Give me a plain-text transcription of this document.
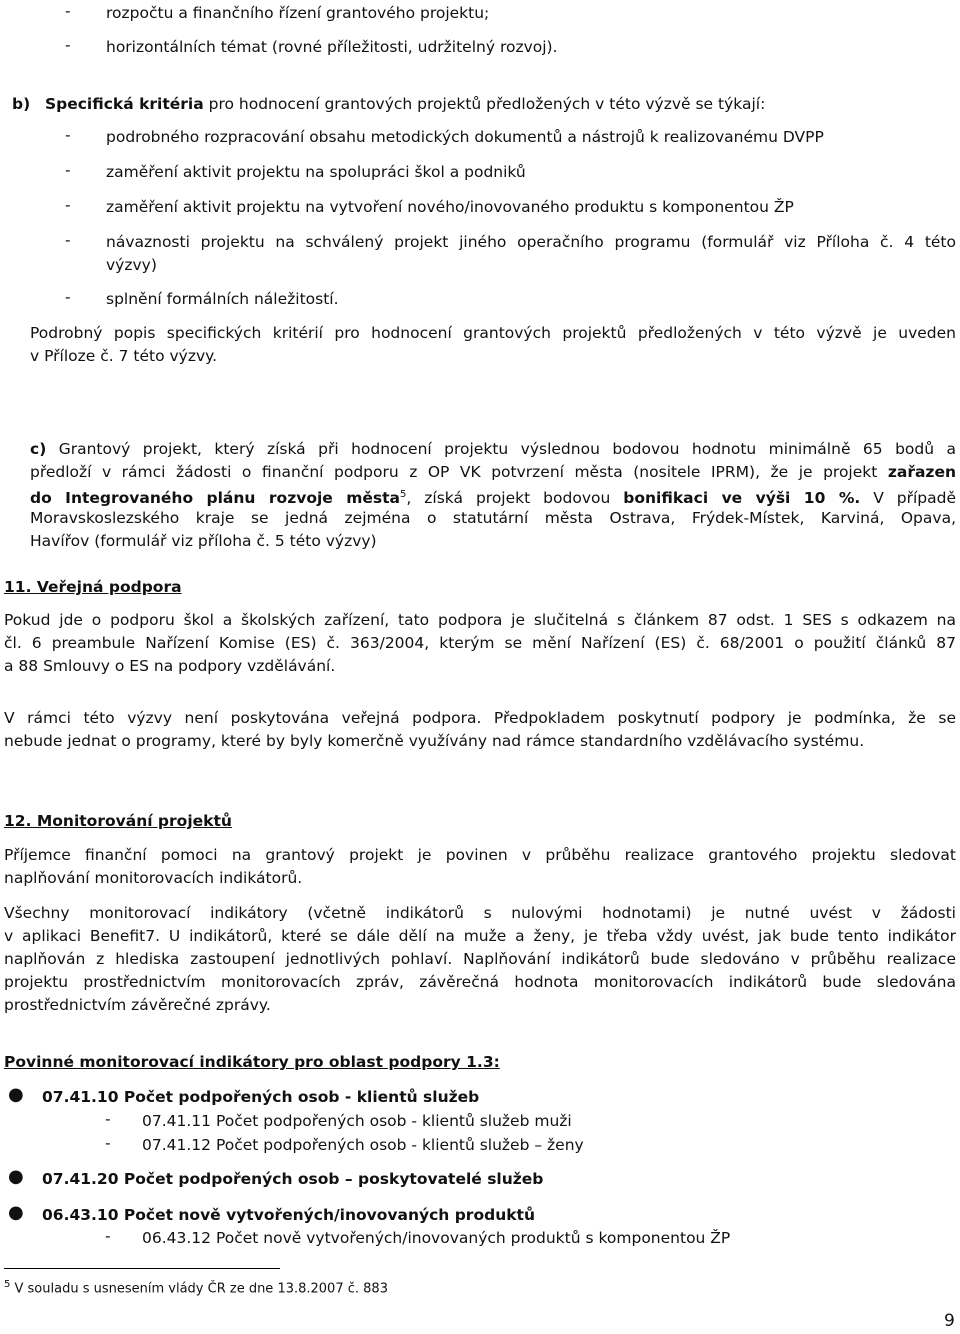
- rozpočtu a finančního řízení grantového projektu;
- horizontálních témat (rovné příležitosti, udržitelný rozvoj).
b) Specifická kritéria pro hodnocení grantových projektů předložených v této výzvě se týkají:
- podrobného rozpracování obsahu metodických dokumentů a nástrojů k realizovanému DVPP
- zaměření aktivit projektu na spolupráci škol a podniků
- zaměření aktivit projektu na vytvoření nového/inovovaného produktu s komponentou ŽP
- návaznosti projektu na schválený projekt jiného operačního programu (formulář viz Příloha č. 4 této
výzvy)
- splnění formálních náležitostí.
Podrobný popis specifických kritérií pro hodnocení grantových projektů předložených v této výzvě je uveden
v Příloze č. 7 této výzvy.
c) Grantový projekt, který získá při hodnocení projektu výslednou bodovou hodnotu minimálně 65 bodů a
předloží v rámci žádosti o finanční podporu z OP VK potvrzení města (nositele IPRM), že je projekt zařazen
do Integrovaného plánu rozvoje města$^5$, získá projekt bodovou bonifikaci ve výši 10 %. V případě
Moravskoslezského kraje se jedná zejména o statutární města Ostrava, Frýdek-Místek, Karviná, Opava,
Havířov (formulář viz příloha č. 5 této výzvy)
11. Veřejná podpora
Pokud jde o podporu škol a školských zařízení, tato podpora je slučitelná s článkem 87 odst. 1 SES s odkazem na
čl. 6 preambule Nařízení Komise (ES) č. 363/2004, kterým se mění Nařízení (ES) č. 68/2001 o použití článků 87
a 88 Smlouvy o ES na podpory vzdělávání.
V rámci této výzvy není poskytována veřejná podpora. Předpokladem poskytnutí podpory je podmínka, že se
nebude jednat o programy, které by byly komerčně využívány nad rámce standardního vzdělávacího systému.
12. Monitorování projektů
Příjemce finanční pomoci na grantový projekt je povinen v průběhu realizace grantového projektu sledovat
naplňování monitorovacích indikátorů.
Všechny monitorovací indikátory (včetně indikátorů s nulovými hodnotami) je nutné uvést v žádosti
v aplikaci Benefit7. U indikátorů, které se dále dělí na muže a ženy, je třeba vždy uvést, jak bude tento indikátor
naplňován z hlediska zastoupení jednotlivých pohlaví. Naplňování indikátorů bude sledováno v průběhu realizace
projektu prostřednictvím monitorovacích zpráv, závěrečná hodnota monitorovacích indikátorů bude sledována
prostřednictvím závěrečné zprávy.
Povinné monitorovací indikátory pro oblast podpory 1.3:
● 07.41.10 Počet podpořených osob - klientů služeb
- 07.41.11 Počet podpořených osob - klientů služeb muži
- 07.41.12 Počet podpořených osob - klientů služeb – ženy
● 07.41.20 Počet podpořených osob – poskytovatelé služeb
● 06.43.10 Počet nově vytvořených/inovovaných produktů
- 06.43.12 Počet nově vytvořených/inovovaných produktů s komponentou ŽP
$^5$ V souladu s usnesením vlády ČR ze dne 13.8.2007 č. 883
9
